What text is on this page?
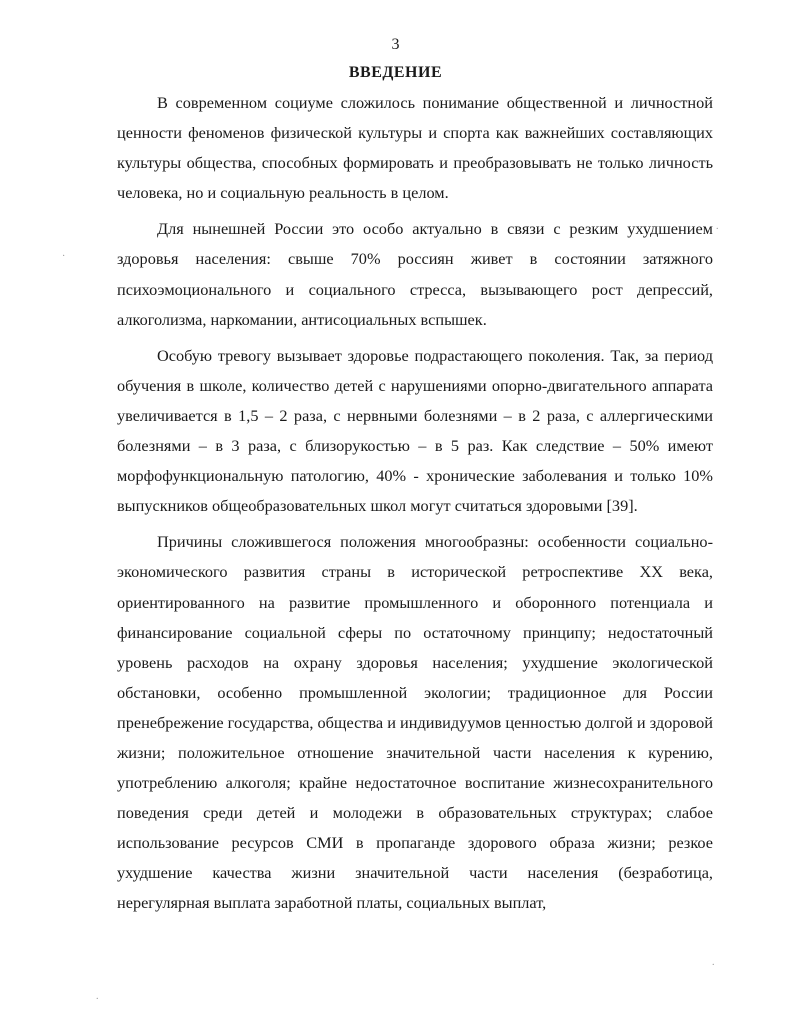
3
ВВЕДЕНИЕ

В современном социуме сложилось понимание общественной и личностной ценности феноменов физической культуры и спорта как важнейших составляющих культуры общества, способных формировать и преобразовывать не только личность человека, но и социальную реальность в целом.

Для нынешней России это особо актуально в связи с резким ухудшением здоровья населения: свыше 70% россиян живет в состоянии затяжного психоэмоционального и социального стресса, вызывающего рост депрессий, алкоголизма, наркомании, антисоциальных вспышек.

Особую тревогу вызывает здоровье подрастающего поколения. Так, за период обучения в школе, количество детей с нарушениями опорно-двигательного аппарата увеличивается в 1,5 – 2 раза, с нервными болезнями – в 2 раза, с аллергическими болезнями – в 3 раза, с близорукостью – в 5 раз. Как следствие – 50% имеют морфофункциональную патологию, 40% - хронические заболевания и только 10% выпускников общеобразовательных школ могут считаться здоровыми [39].

Причины сложившегося положения многообразны: особенности социально-экономического развития страны в исторической ретроспективе XX века, ориентированного на развитие промышленного и оборонного потенциала и финансирование социальной сферы по остаточному принципу; недостаточный уровень расходов на охрану здоровья населения; ухудшение экологической обстановки, особенно промышленной экологии; традиционное для России пренебрежение государства, общества и индивидуумов ценностью долгой и здоровой жизни; положительное отношение значительной части населения к курению, употреблению алкоголя; крайне недостаточное воспитание жизнесохранительного поведения среди детей и молодежи в образовательных структурах; слабое использование ресурсов СМИ в пропаганде здорового образа жизни; резкое ухудшение качества жизни значительной части населения (безработица, нерегулярная выплата заработной платы, социальных выплат,

·
.
.
.
